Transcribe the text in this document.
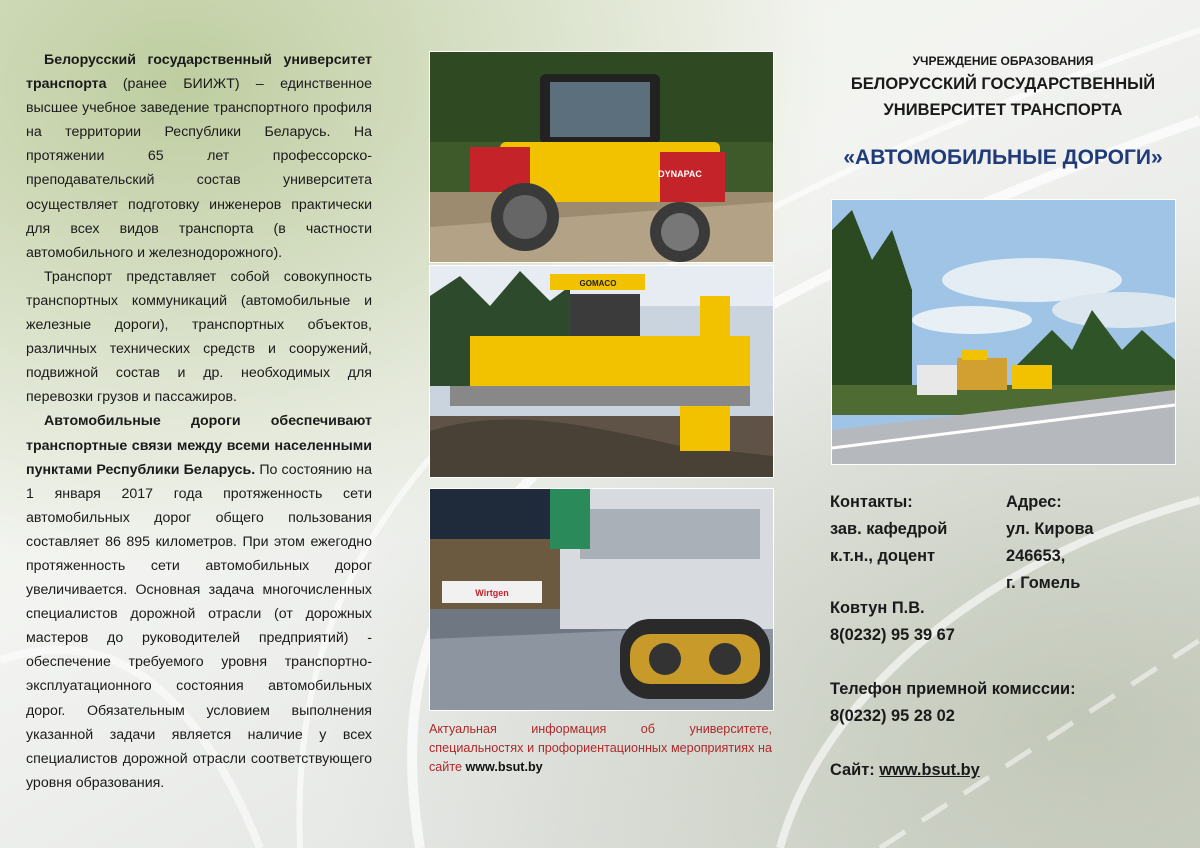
Белорусский государственный университет транспорта (ранее БИИЖТ) – единственное высшее учебное заведение транспортного профиля на территории Республики Беларусь. На протяжении 65 лет профессорско-преподавательский состав университета осуществляет подготовку инженеров практически для всех видов транспорта (в частности автомобильного и железнодорожного).

Транспорт представляет собой совокупность транспортных коммуникаций (автомобильные и железные дороги), транспортных объектов, различных технических средств и сооружений, подвижной состав и др. необходимых для перевозки грузов и пассажиров.

Автомобильные дороги обеспечивают транспортные связи между всеми населенными пунктами Республики Беларусь. По состоянию на 1 января 2017 года протяженность сети автомобильных дорог общего пользования составляет 86 895 километров. При этом ежегодно протяженность сети автомобильных дорог увеличивается. Основная задача многочисленных специалистов дорожной отрасли (от дорожных мастеров до руководителей предприятий) - обеспечение требуемого уровня транспортно-эксплуатационного состояния автомобильных дорог. Обязательным условием выполнения указанной задачи является наличие у всех специалистов дорожной отрасли соответствующего уровня образования.

DYNAPAC
GOMACO
Wirtgen
Актуальная информация об университете, специальностях и профориентационных мероприятиях на сайте www.bsut.by
УЧРЕЖДЕНИЕ ОБРАЗОВАНИЯ
БЕЛОРУССКИЙ ГОСУДАРСТВЕННЫЙ
УНИВЕРСИТЕТ ТРАНСПОРТА
«АВТОМОБИЛЬНЫЕ ДОРОГИ»
Контакты:
зав. кафедрой
к.т.н., доцент
Адрес:
ул. Кирова
246653,
г. Гомель
Ковтун П.В.
8(0232) 95 39 67
Телефон приемной комиссии:
8(0232) 95 28 02
Сайт: www.bsut.by
